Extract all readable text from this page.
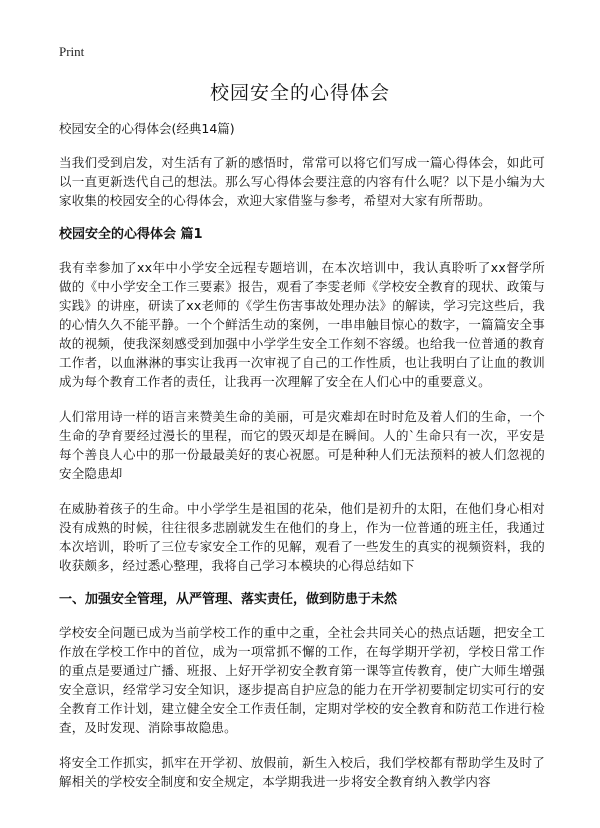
Print
校园安全的心得体会
校园安全的心得体会(经典14篇)

当我们受到启发，对生活有了新的感悟时，常常可以将它们写成一篇心得体会，如此可以一直更新迭代自己的想法。那么写心得体会要注意的内容有什么呢？以下是小编为大家收集的校园安全的心得体会，欢迎大家借鉴与参考，希望对大家有所帮助。

校园安全的心得体会 篇1

我有幸参加了xx年中小学安全远程专题培训，在本次培训中，我认真聆听了xx督学所做的《中小学安全工作三要素》报告，观看了李雯老师《学校安全教育的现状、政策与实践》的讲座，研读了xx老师的《学生伤害事故处理办法》的解读，学习完这些后，我的心情久久不能平静。一个个鲜活生动的案例，一串串触目惊心的数字，一篇篇安全事故的视频，使我深刻感受到加强中小学学生安全工作刻不容缓。也给我一位普通的教育工作者，以血淋淋的事实让我再一次审视了自己的工作性质，也让我明白了让血的教训成为每个教育工作者的责任，让我再一次理解了安全在人们心中的重要意义。

人们常用诗一样的语言来赞美生命的美丽，可是灾难却在时时危及着人们的生命，一个生命的孕育要经过漫长的里程，而它的毁灭却是在瞬间。人的`生命只有一次，平安是每个善良人心中的那一份最最美好的衷心祝愿。可是种种人们无法预料的被人们忽视的安全隐患却

在威胁着孩子的生命。中小学学生是祖国的花朵，他们是初升的太阳，在他们身心相对没有成熟的时候，往往很多悲剧就发生在他们的身上，作为一位普通的班主任，我通过本次培训，聆听了三位专家安全工作的见解，观看了一些发生的真实的视频资料，我的收获颇多，经过悉心整理，我将自己学习本模块的心得总结如下

一、加强安全管理，从严管理、落实责任，做到防患于未然

学校安全问题已成为当前学校工作的重中之重，全社会共同关心的热点话题，把安全工作放在学校工作中的首位，成为一项常抓不懈的工作，在每学期开学初，学校日常工作的重点是要通过广播、班报、上好开学初安全教育第一课等宣传教育，使广大师生增强安全意识，经常学习安全知识，逐步提高自护应急的能力在开学初要制定切实可行的安全教育工作计划，建立健全安全工作责任制，定期对学校的安全教育和防范工作进行检查，及时发现、消除事故隐患。

将安全工作抓实，抓牢在开学初、放假前，新生入校后，我们学校都有帮助学生及时了解相关的学校安全制度和安全规定，本学期我进一步将安全教育纳入教学内容
